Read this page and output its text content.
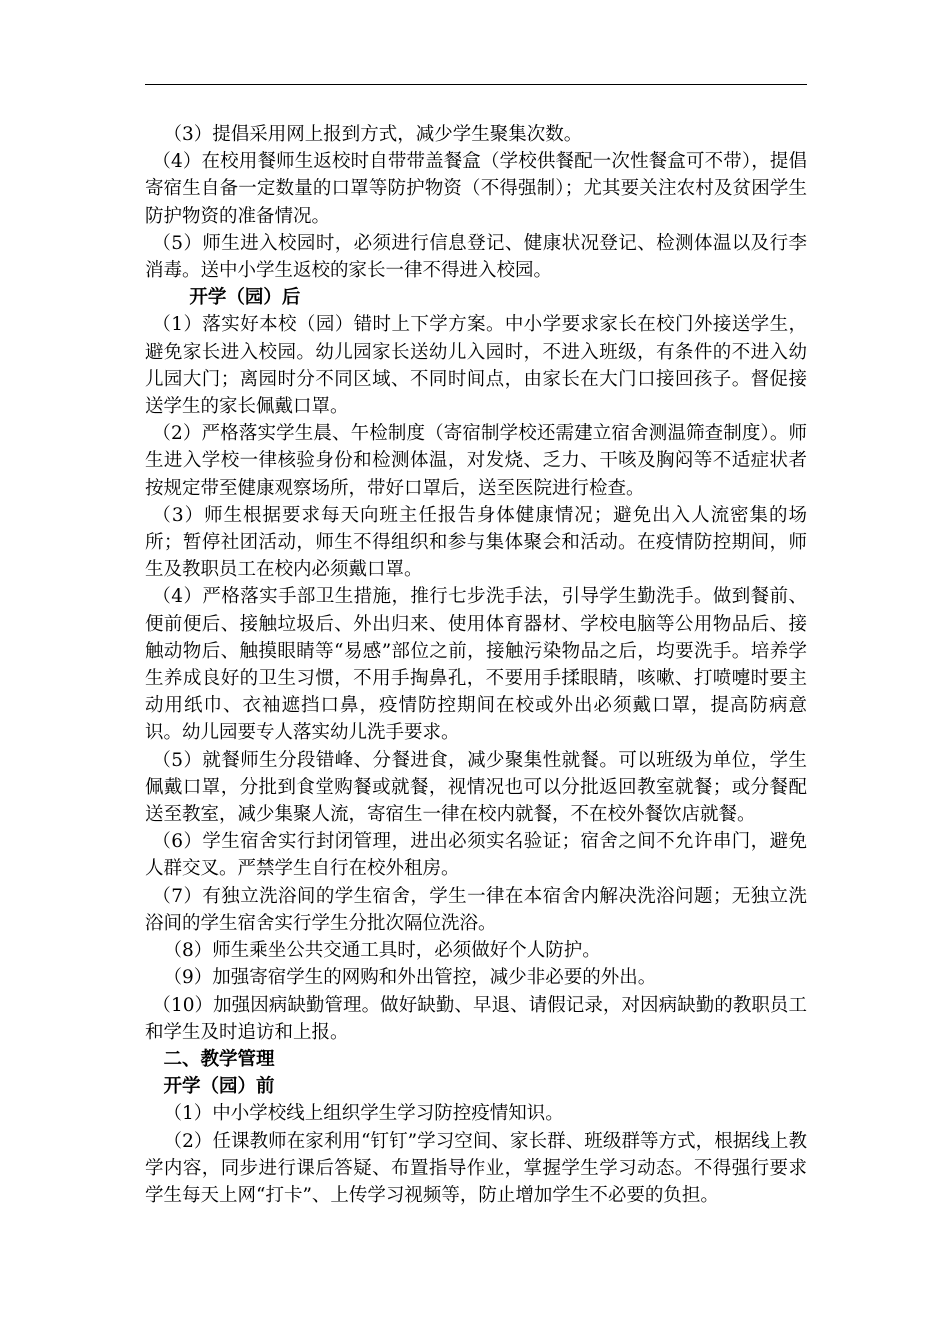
（3）提倡采用网上报到方式，减少学生聚集次数。

（4）在校用餐师生返校时自带带盖餐盒（学校供餐配一次性餐盒可不带），提倡寄宿生自备一定数量的口罩等防护物资（不得强制）；尤其要关注农村及贫困学生防护物资的准备情况。

（5）师生进入校园时，必须进行信息登记、健康状况登记、检测体温以及行李消毒。送中小学生返校的家长一律不得进入校园。

开学（园）后

（1）落实好本校（园）错时上下学方案。中小学要求家长在校门外接送学生，避免家长进入校园。幼儿园家长送幼儿入园时，不进入班级，有条件的不进入幼儿园大门；离园时分不同区域、不同时间点，由家长在大门口接回孩子。督促接送学生的家长佩戴口罩。

（2）严格落实学生晨、午检制度（寄宿制学校还需建立宿舍测温筛查制度）。师生进入学校一律核验身份和检测体温，对发烧、乏力、干咳及胸闷等不适症状者按规定带至健康观察场所，带好口罩后，送至医院进行检查。

（3）师生根据要求每天向班主任报告身体健康情况；避免出入人流密集的场所；暂停社团活动，师生不得组织和参与集体聚会和活动。在疫情防控期间，师生及教职员工在校内必须戴口罩。

（4）严格落实手部卫生措施，推行七步洗手法，引导学生勤洗手。做到餐前、便前便后、接触垃圾后、外出归来、使用体育器材、学校电脑等公用物品后、接触动物后、触摸眼睛等“易感”部位之前，接触污染物品之后，均要洗手。培养学生养成良好的卫生习惯，不用手掏鼻孔，不要用手揉眼睛，咳嗽、打喷嚏时要主动用纸巾、衣袖遮挡口鼻，疫情防控期间在校或外出必须戴口罩，提高防病意识。幼儿园要专人落实幼儿洗手要求。

（5）就餐师生分段错峰、分餐进食，减少聚集性就餐。可以班级为单位，学生佩戴口罩，分批到食堂购餐或就餐，视情况也可以分批返回教室就餐；或分餐配送至教室，减少集聚人流，寄宿生一律在校内就餐，不在校外餐饮店就餐。

（6）学生宿舍实行封闭管理，进出必须实名验证；宿舍之间不允许串门，避免人群交叉。严禁学生自行在校外租房。

（7）有独立洗浴间的学生宿舍，学生一律在本宿舍内解决洗浴问题；无独立洗浴间的学生宿舍实行学生分批次隔位洗浴。

（8）师生乘坐公共交通工具时，必须做好个人防护。

（9）加强寄宿学生的网购和外出管控，减少非必要的外出。

（10）加强因病缺勤管理。做好缺勤、早退、请假记录，对因病缺勤的教职员工和学生及时追访和上报。

二、教学管理

开学（园）前

（1）中小学校线上组织学生学习防控疫情知识。

（2）任课教师在家利用“钉钉”学习空间、家长群、班级群等方式，根据线上教学内容，同步进行课后答疑、布置指导作业，掌握学生学习动态。不得强行要求学生每天上网“打卡”、上传学习视频等，防止增加学生不必要的负担。
